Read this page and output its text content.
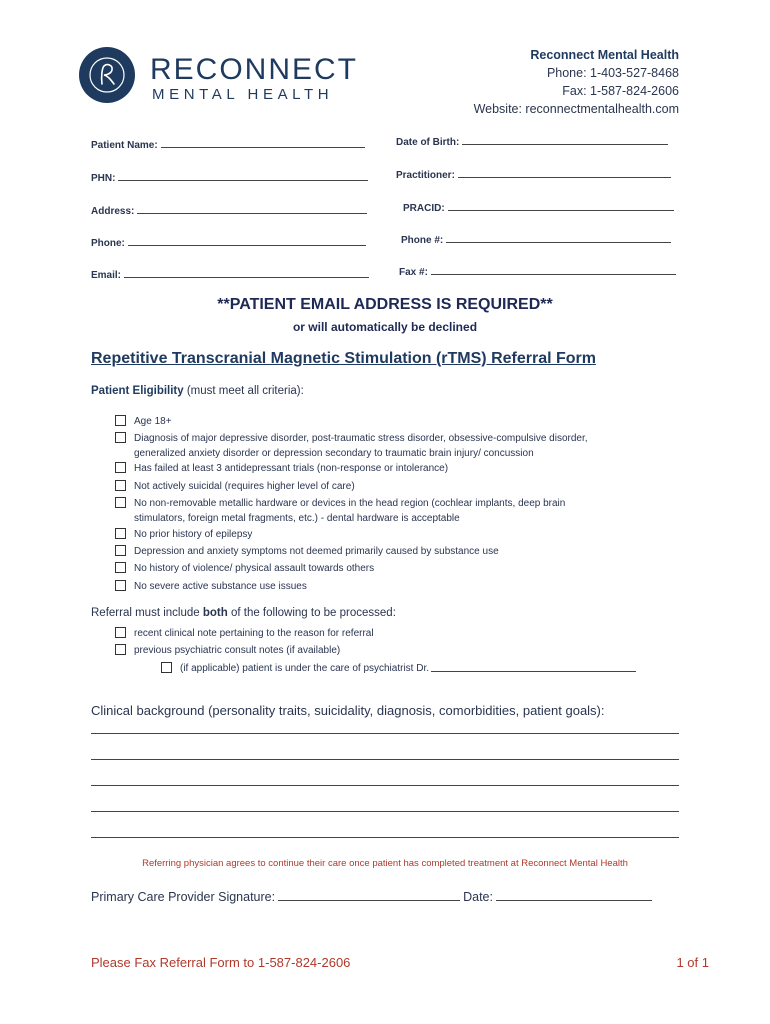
RECONNECT
MENTAL HEALTH
Reconnect Mental Health
Phone: 1-403-527-8468
Fax: 1-587-824-2606
Website: reconnectmentalhealth.com
Patient Name:
PHN:
Address:
Phone:
Email:
Date of Birth:
Practitioner:
PRACID:
Phone #:
Fax #:
**PATIENT EMAIL ADDRESS IS REQUIRED**
or will automatically be declined
Repetitive Transcranial Magnetic Stimulation (rTMS) Referral Form
Patient Eligibility (must meet all criteria):
Age 18+
Diagnosis of major depressive disorder, post-traumatic stress disorder, obsessive-compulsive disorder,
generalized anxiety disorder or depression secondary to traumatic brain injury/ concussion
Has failed at least 3 antidepressant trials (non-response or intolerance)
Not actively suicidal (requires higher level of care)
No non-removable metallic hardware or devices in the head region (cochlear implants, deep brain
stimulators, foreign metal fragments, etc.) - dental hardware is acceptable
No prior history of epilepsy
Depression and anxiety symptoms not deemed primarily caused by substance use
No history of violence/ physical assault towards others
No severe active substance use issues
Referral must include both of the following to be processed:
recent clinical note pertaining to the reason for referral
previous psychiatric consult notes (if available)
(if applicable) patient is under the care of psychiatrist Dr.
Clinical background (personality traits, suicidality, diagnosis, comorbidities, patient goals):
Referring physician agrees to continue their care once patient has completed treatment at Reconnect Mental Health
Primary Care Provider Signature:	Date:
Please Fax Referral Form to 1-587-824-2606	1 of 1
